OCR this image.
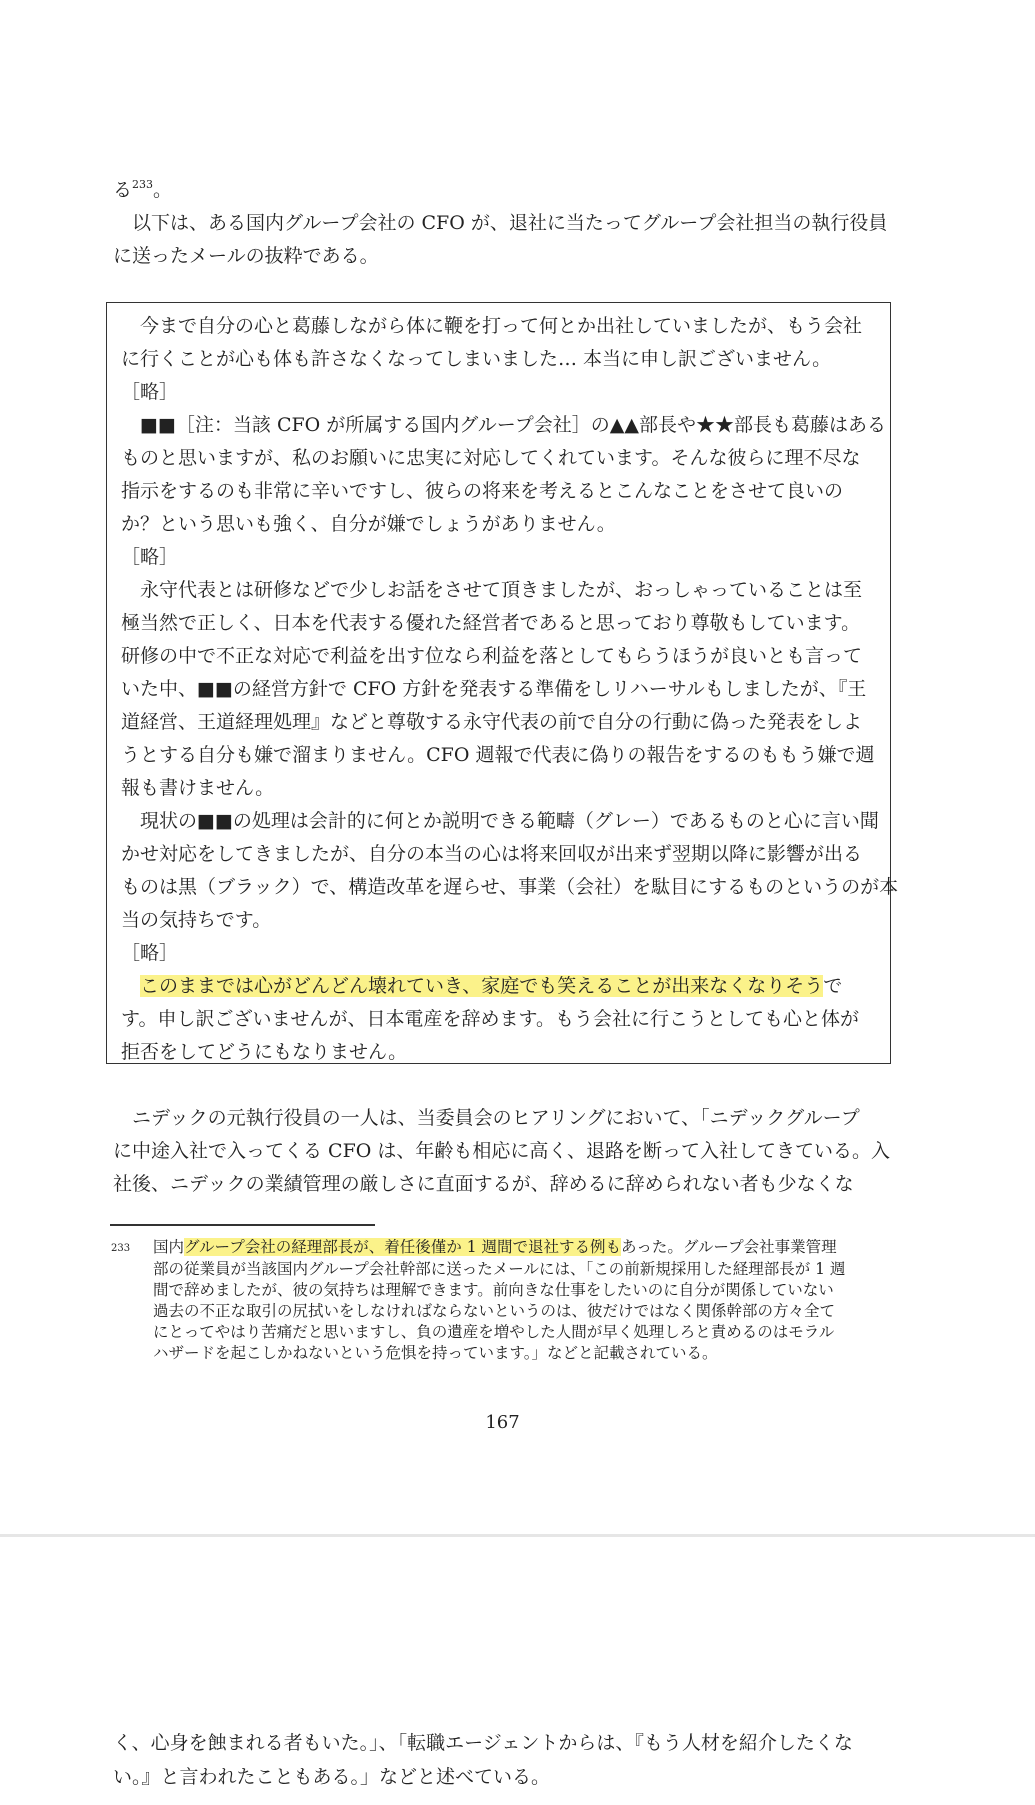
る$^{233}$。
　以下は、ある国内グループ会社の CFO が、退社に当たってグループ会社担当の執行役員
に送ったメールの抜粋である。
　今まで自分の心と葛藤しながら体に鞭を打って何とか出社していましたが、もう会社
に行くことが心も体も許さなくなってしまいました… 本当に申し訳ございません。
［略］
　■■［注：当該 CFO が所属する国内グループ会社］の▲▲部長や★★部長も葛藤はある
ものと思いますが、私のお願いに忠実に対応してくれています。そんな彼らに理不尽な
指示をするのも非常に辛いですし、彼らの将来を考えるとこんなことをさせて良いの
か？という思いも強く、自分が嫌でしょうがありません。
［略］
　永守代表とは研修などで少しお話をさせて頂きましたが、おっしゃっていることは至
極当然で正しく、日本を代表する優れた経営者であると思っており尊敬もしています。
研修の中で不正な対応で利益を出す位なら利益を落としてもらうほうが良いとも言って
いた中、■■の経営方針で CFO 方針を発表する準備をしリハーサルもしましたが、『王
道経営、王道経理処理』などと尊敬する永守代表の前で自分の行動に偽った発表をしよ
うとする自分も嫌で溜まりません。CFO 週報で代表に偽りの報告をするのももう嫌で週
報も書けません。
　現状の■■の処理は会計的に何とか説明できる範疇（グレー）であるものと心に言い聞
かせ対応をしてきましたが、自分の本当の心は将来回収が出来ず翌期以降に影響が出る
ものは黒（ブラック）で、構造改革を遅らせ、事業（会社）を駄目にするものというのが本
当の気持ちです。
［略］
　このままでは心がどんどん壊れていき、家庭でも笑えることが出来なくなりそうで
す。申し訳ございませんが、日本電産を辞めます。もう会社に行こうとしても心と体が
拒否をしてどうにもなりません。
　ニデックの元執行役員の一人は、当委員会のヒアリングにおいて、「ニデックグループ
に中途入社で入ってくる CFO は、年齢も相応に高く、退路を断って入社してきている。入
社後、ニデックの業績管理の厳しさに直面するが、辞めるに辞められない者も少なくな
233 国内グループ会社の経理部長が、着任後僅か 1 週間で退社する例もあった。グループ会社事業管理
部の従業員が当該国内グループ会社幹部に送ったメールには、「この前新規採用した経理部長が 1 週
間で辞めましたが、彼の気持ちは理解できます。前向きな仕事をしたいのに自分が関係していない
過去の不正な取引の尻拭いをしなければならないというのは、彼だけではなく関係幹部の方々全て
にとってやはり苦痛だと思いますし、負の遺産を増やした人間が早く処理しろと責めるのはモラル
ハザードを起こしかねないという危惧を持っています。」などと記載されている。
167
く、心身を蝕まれる者もいた。」、「転職エージェントからは、『もう人材を紹介したくな
い。』と言われたこともある。」などと述べている。
